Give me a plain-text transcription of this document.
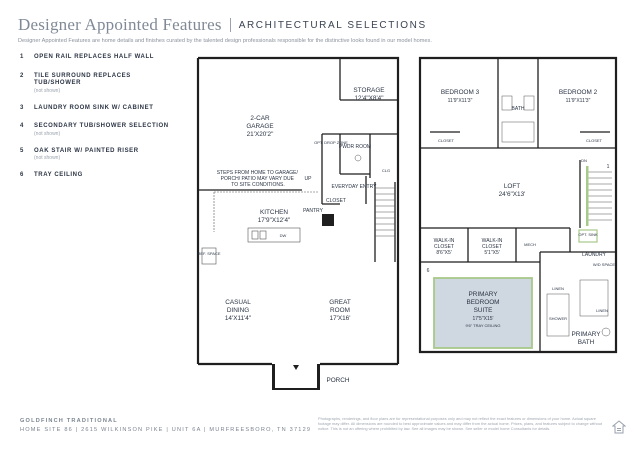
Designer Appointed Features ARCHITECTURAL SELECTIONS
Designer Appointed Features are home details and finishes curated by the talented design professionals responsible for the distinctive looks found in our model homes.
1	OPEN RAIL REPLACES HALF WALL
2	TILE SURROUND REPLACES TUB/SHOWER
(not shown)
3	LAUNDRY ROOM SINK W/ CABINET
4	SECONDARY TUB/SHOWER SELECTION
(not shown)
5	OAK STAIR W/ PAINTED RISER
(not shown)
6	TRAY CEILING
2-CAR
GARAGE
21'X20'2"
STORAGE
12'4"X8'4"
STEPS FROM HOME TO GARAGE/ PORCH/ PATIO MAY VARY DUE TO SITE CONDITIONS.
UP
OPT. DROP ZONE
PWDR ROOM
CLG
EVERYDAY ENTRY
PANTRY
CLOSET
KITCHEN
17'9"X12'4"
DW
REF. SPACE
CASUAL
DINING
14'X11'4"
GREAT
ROOM
17'X16'
PORCH
BEDROOM 3
11'9"X11'3"
BEDROOM 2
11'9"X11'3"
BATH
CLOSET	CLOSET
DN
LOFT
24'6"X13'
WALK-IN
CLOSET
8'6"X5'
WALK-IN
CLOSET
5'1"X5'
MECH
OPT. SINK
LAUNDRY
W/D SPACE
6
1
PRIMARY
BEDROOM
SUITE
17'5"X15'
9'6" TRAY CEILING
LINEN
LINEN
SHOWER
PRIMARY
BATH
GOLDFINCH TRADITIONAL
HOME SITE 86 | 2615 WILKINSON PIKE | UNIT 6A | MURFREESBORO, TN 37129
Photographs, renderings, and floor plans are for representational purposes only and may not reflect the exact features or dimensions of your home. Actual square footage may differ. All dimensions are rounded to best approximate values and may differ from the actual home. Prices, plans, and features subject to change without notice. This is not an offering where prohibited by law. See all images may be shown. See seller or model home Consultants for details.
